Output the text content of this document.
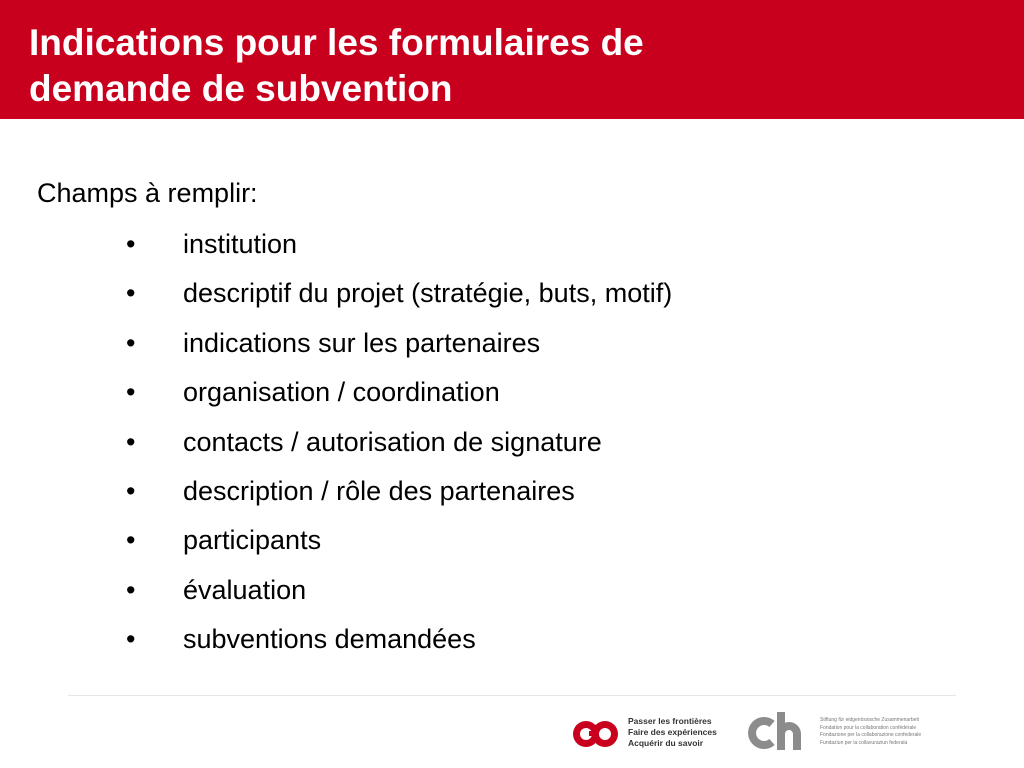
Indications pour les formulaires de
demande de subvention

Champs à remplir:

• institution
• descriptif du projet (stratégie, buts, motif)
• indications sur les partenaires
• organisation / coordination
• contacts / autorisation de signature
• description / rôle des partenaires
• participants
• évaluation
• subventions demandées
Passer les frontières
Faire des expériences
Acquérir du savoir
Stiftung für eidgenössische Zusammenarbeit
Fondation pour la collaboration confédérale
Fondazione per la collaborazione confederale
Fundaziun per la collavuraziun federala
